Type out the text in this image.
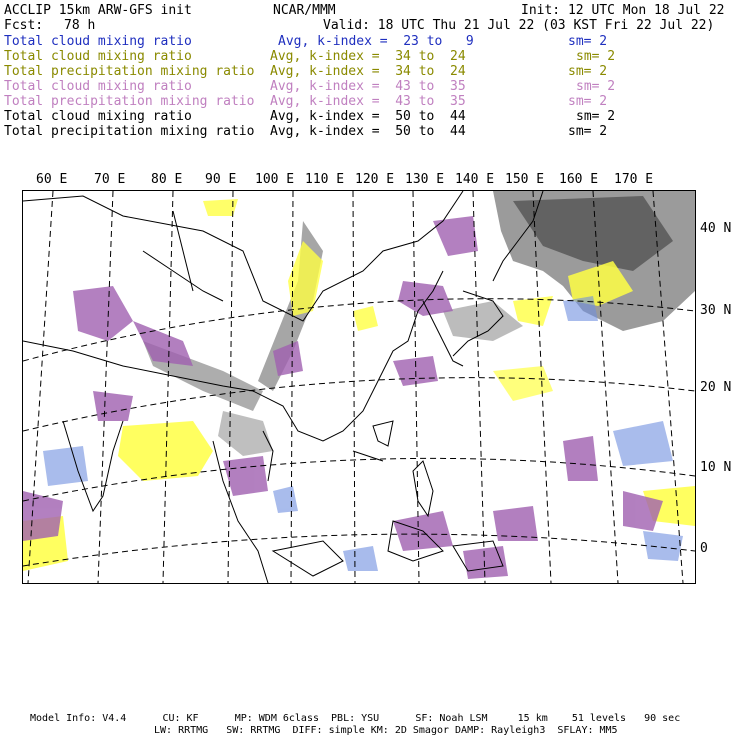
ACCLIP 15km ARW-GFS init	NCAR/MMM	Init: 12 UTC Mon 18 Jul 22
Fcst: 78 h	Valid: 18 UTC Thu 21 Jul 22 (03 KST Fri 22 Jul 22)
Total cloud mixing ratio	Avg, k-index =  23 to   9	sm= 2
Total cloud mixing ratio	Avg, k-index =  34 to  24	sm= 2
Total precipitation mixing ratio Avg, k-index =  34 to  24	sm= 2
Total cloud mixing ratio	Avg, k-index =  43 to  35	sm= 2
Total precipitation mixing ratio Avg, k-index =  43 to  35	sm= 2
Total cloud mixing ratio	Avg, k-index =  50 to  44	sm= 2
Total precipitation mixing ratio Avg, k-index =  50 to  44	sm= 2
60 E 70 E 80 E 90 E 100 E 110 E 120 E 130 E 140 E 150 E 160 E 170 E
40 N
30 N
20 N
10 N
0
Model Info: V4.4      CU: KF      MP: WDM 6class  PBL: YSU      SF: Noah LSM     15 km    51 levels   90 sec
LW: RRTMG   SW: RRTMG  DIFF: simple KM: 2D Smagor DAMP: Rayleigh3  SFLAY: MM5
